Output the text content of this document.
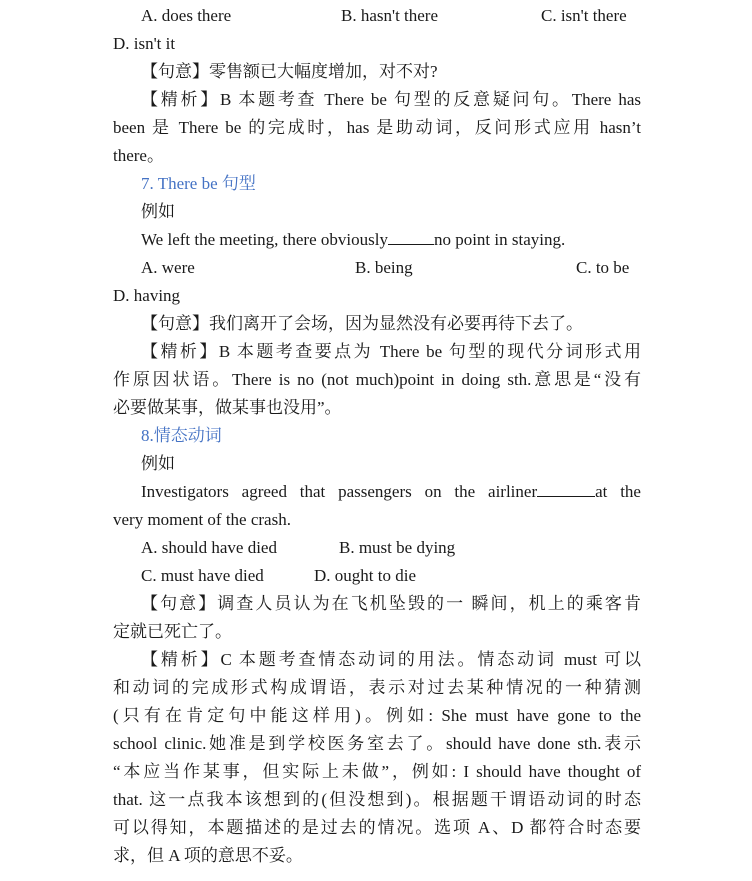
A. does there	B. hasn't there	C. isn't there
D. isn't it
【句意】零售额已大幅度增加，对不对?
【精析】B 本题考查 There be 句型的反意疑问句。There has
been 是 There be 的完成时，has 是助动词，反问形式应用 hasn’t
there。
7. There be 句型
例如
We left the meeting, there obviously	no point in staying.
A. were	B. being	C. to be
D. having
【句意】我们离开了会场，因为显然没有必要再待下去了。
【精析】B 本题考查要点为 There be 句型的现代分词形式用
作原因状语。There is no (not much)point in doing sth.意思是“没有
必要做某事，做某事也没用”。
8.情态动词
例如
Investigators agreed that passengers on the airliner	at the
very moment of the crash.
A. should have died	B. must be dying
C. must have died	D. ought to die
【句意】调查人员认为在飞机坠毁的一 瞬间，机上的乘客肯
定就已死亡了。
【精析】C 本题考查情态动词的用法。情态动词 must 可以
和动词的完成形式构成谓语，表示对过去某种情况的一种猜测
(只有在肯定句中能这样用)。例如: She must have gone to the
school clinic.她准是到学校医务室去了。should have done sth.表示
“本应当作某事，但实际上未做”，例如: I should have thought of
that. 这一点我本该想到的(但没想到)。根据题干谓语动词的时态
可以得知，本题描述的是过去的情况。选项 A、D 都符合时态要
求，但 A 项的意思不妥。
